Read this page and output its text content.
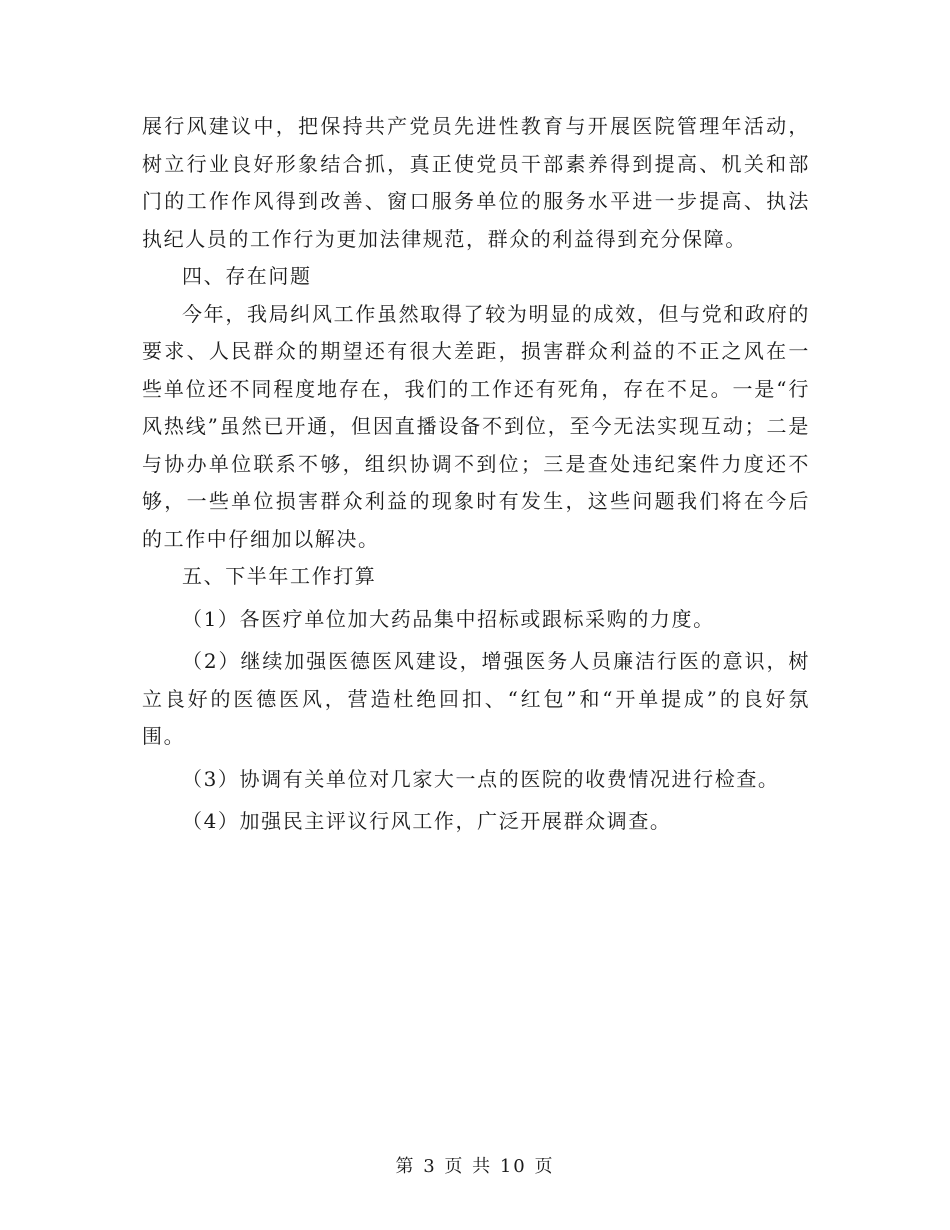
展行风建议中，把保持共产党员先进性教育与开展医院管理年活动，树立行业良好形象结合抓，真正使党员干部素养得到提高、机关和部门的工作作风得到改善、窗口服务单位的服务水平进一步提高、执法执纪人员的工作行为更加法律规范，群众的利益得到充分保障。

四、存在问题

今年，我局纠风工作虽然取得了较为明显的成效，但与党和政府的要求、人民群众的期望还有很大差距，损害群众利益的不正之风在一些单位还不同程度地存在，我们的工作还有死角，存在不足。一是“行风热线”虽然已开通，但因直播设备不到位，至今无法实现互动；二是与协办单位联系不够，组织协调不到位；三是查处违纪案件力度还不够，一些单位损害群众利益的现象时有发生，这些问题我们将在今后的工作中仔细加以解决。

五、下半年工作打算

（1）各医疗单位加大药品集中招标或跟标采购的力度。

（2）继续加强医德医风建设，增强医务人员廉洁行医的意识，树立良好的医德医风，营造杜绝回扣、“红包”和“开单提成”的良好氛围。

（3）协调有关单位对几家大一点的医院的收费情况进行检查。

（4）加强民主评议行风工作，广泛开展群众调查。

第 3 页 共 10 页
